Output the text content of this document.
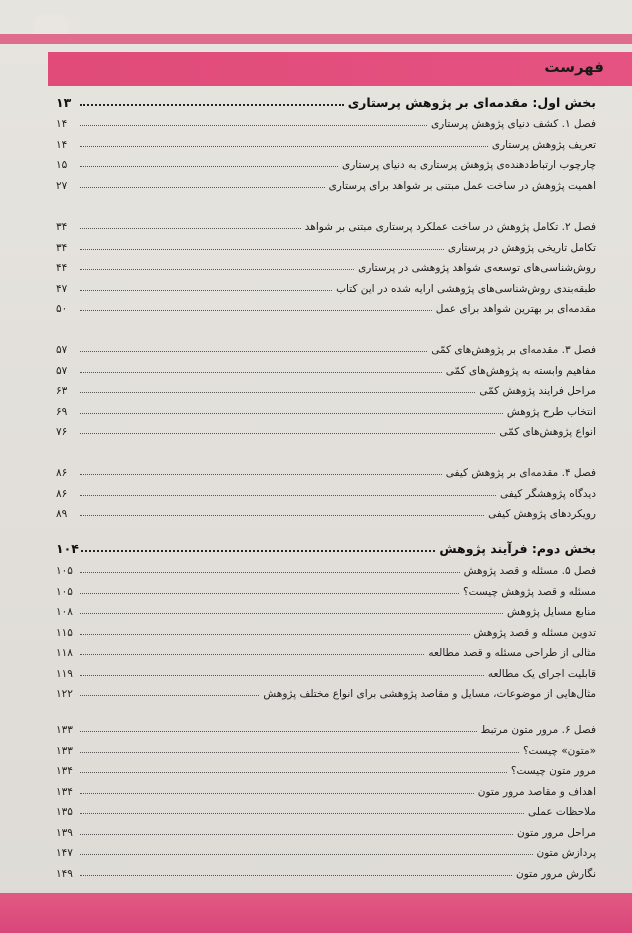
فهرست
بخش اول: مقدمه‌ای بر پژوهش پرستاری
۱۳
فصل ۱. کشف دنیای پژوهش پرستاری
۱۴
تعریف پژوهش پرستاری
۱۴
چارچوب ارتباط‌دهنده‌ی پژوهش پرستاری به دنیای پرستاری
۱۵
اهمیت پژوهش در ساخت عمل مبتنی بر شواهد برای پرستاری
۲۷
فصل ۲. تکامل پژوهش در ساخت عملکرد پرستاری مبتنی بر شواهد
۳۴
تکامل تاریخی پژوهش در پرستاری
۳۴
روش‌شناسی‌های توسعه‌ی شواهد پژوهشی در پرستاری
۴۴
طبقه‌بندی روش‌شناسی‌های پژوهشی ارایه شده در این کتاب
۴۷
مقدمه‌ای بر بهترین شواهد برای عمل
۵۰
فصل ۳. مقدمه‌ای بر پژوهش‌های کمّی
۵۷
مفاهیم وابسته به پژوهش‌های کمّی
۵۷
مراحل فرایند پژوهش کمّی
۶۳
انتخاب طرح پژوهش
۶۹
انواع پژوهش‌های کمّی
۷۶
فصل ۴. مقدمه‌ای بر پژوهش کیفی
۸۶
دیدگاه پژوهشگر کیفی
۸۶
رویکردهای پژوهش کیفی
۸۹
بخش دوم: فرآیند پژوهش
۱۰۴
فصل ۵. مسئله و قصد پژوهش
۱۰۵
مسئله و قصد پژوهش چیست؟
۱۰۵
منابع مسایل پژوهش
۱۰۸
تدوین مسئله و قصد پژوهش
۱۱۵
مثالی از طراحی مسئله و قصد مطالعه
۱۱۸
قابلیت اجرای یک مطالعه
۱۱۹
مثال‌هایی از موضوعات، مسایل و مقاصد پژوهشی برای انواع مختلف پژوهش
۱۲۲
فصل ۶. مرور متون مرتبط
۱۳۳
«متون» چیست؟
۱۳۳
مرور متون چیست؟
۱۳۴
اهداف و مقاصد مرور متون
۱۳۴
ملاحظات عملی
۱۳۵
مراحل مرور متون
۱۳۹
پردازش متون
۱۴۷
نگارش مرور متون
۱۴۹
